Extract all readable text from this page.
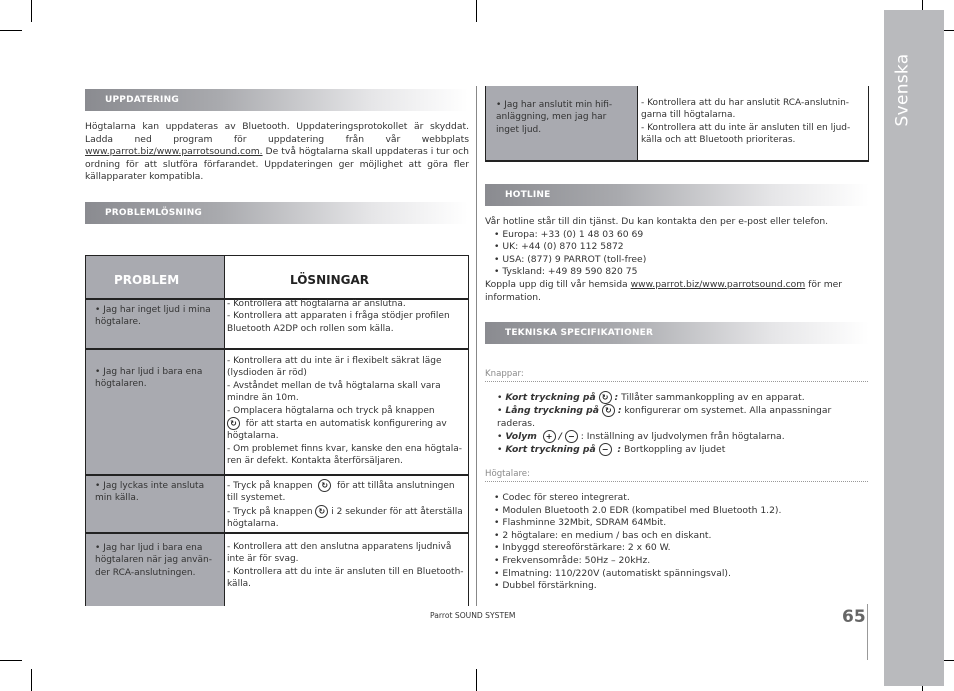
Svenska
65
Parrot SOUND SYSTEM
UPPDATERING
Högtalarna kan uppdateras av Bluetooth. Uppdateringsprotokollet är skyddat. Ladda ned program för uppdatering från vår webbplats www.parrot.biz/www.parrotsound.com. De två högtalarna skall uppdateras i tur och ordning för att slutföra förfarandet. Uppdateringen ger möjlighet att göra fler källapparater kompatibla.
PROBLEMLÖSNING
PROBLEM	LÖSNINGAR
• Jag har inget ljud i mina högtalare.
- Kontrollera att högtalarna är anslutna.
- Kontrollera att apparaten i fråga stödjer profilen Bluetooth A2DP och rollen som källa.
• Jag har ljud i bara ena högtalaren.
- Kontrollera att du inte är i flexibelt säkrat läge (lysdioden är röd)
- Avståndet mellan de två högtalarna skall vara mindre än 10m.
- Omplacera högtalarna och tryck på knappen
↻ för att starta en automatisk konfigurering av högtalarna.
- Om problemet finns kvar, kanske den ena högtala-ren är defekt. Kontakta återförsäljaren.
• Jag lyckas inte ansluta min källa.
- Tryck på knappen ↻ för att tillåta anslutningen till systemet.
- Tryck på knappen ↻ i 2 sekunder för att återställa högtalarna.
• Jag har ljud i bara ena högtalaren när jag använ-der RCA-anslutningen.
- Kontrollera att den anslutna apparatens ljudnivå inte är för svag.
- Kontrollera att du inte är ansluten till en Bluetooth-källa.
• Jag har anslutit min hifi-anläggning, men jag har inget ljud.
- Kontrollera att du har anslutit RCA-anslutnin-garna till högtalarna.
- Kontrollera att du inte är ansluten till en ljud-källa och att Bluetooth prioriteras.
HOTLINE
Vår hotline står till din tjänst. Du kan kontakta den per e-post eller telefon.
• Europa: +33 (0) 1 48 03 60 69
• UK: +44 (0) 870 112 5872
• USA: (877) 9 PARROT (toll-free)
• Tyskland: +49 89 590 820 75
Koppla upp dig till vår hemsida www.parrot.biz/www.parrotsound.com för mer information.
TEKNISKA SPECIFIKATIONER
Knappar:
• Kort tryckning på ↻ : Tillåter sammankoppling av en apparat.
• Lång tryckning på ↻ : konfigurerar om systemet. Alla anpassningar raderas.
• Volym + / − : Inställning av ljudvolymen från högtalarna.
• Kort tryckning på − : Bortkoppling av ljudet
Högtalare:
• Codec för stereo integrerat.
• Modulen Bluetooth 2.0 EDR (kompatibel med Bluetooth 1.2).
• Flashminne 32Mbit, SDRAM 64Mbit.
• 2 högtalare: en medium / bas och en diskant.
• Inbyggd stereoförstärkare: 2 x 60 W.
• Frekvensområde: 50Hz – 20kHz.
• Elmatning: 110/220V (automatiskt spänningsval).
• Dubbel förstärkning.
